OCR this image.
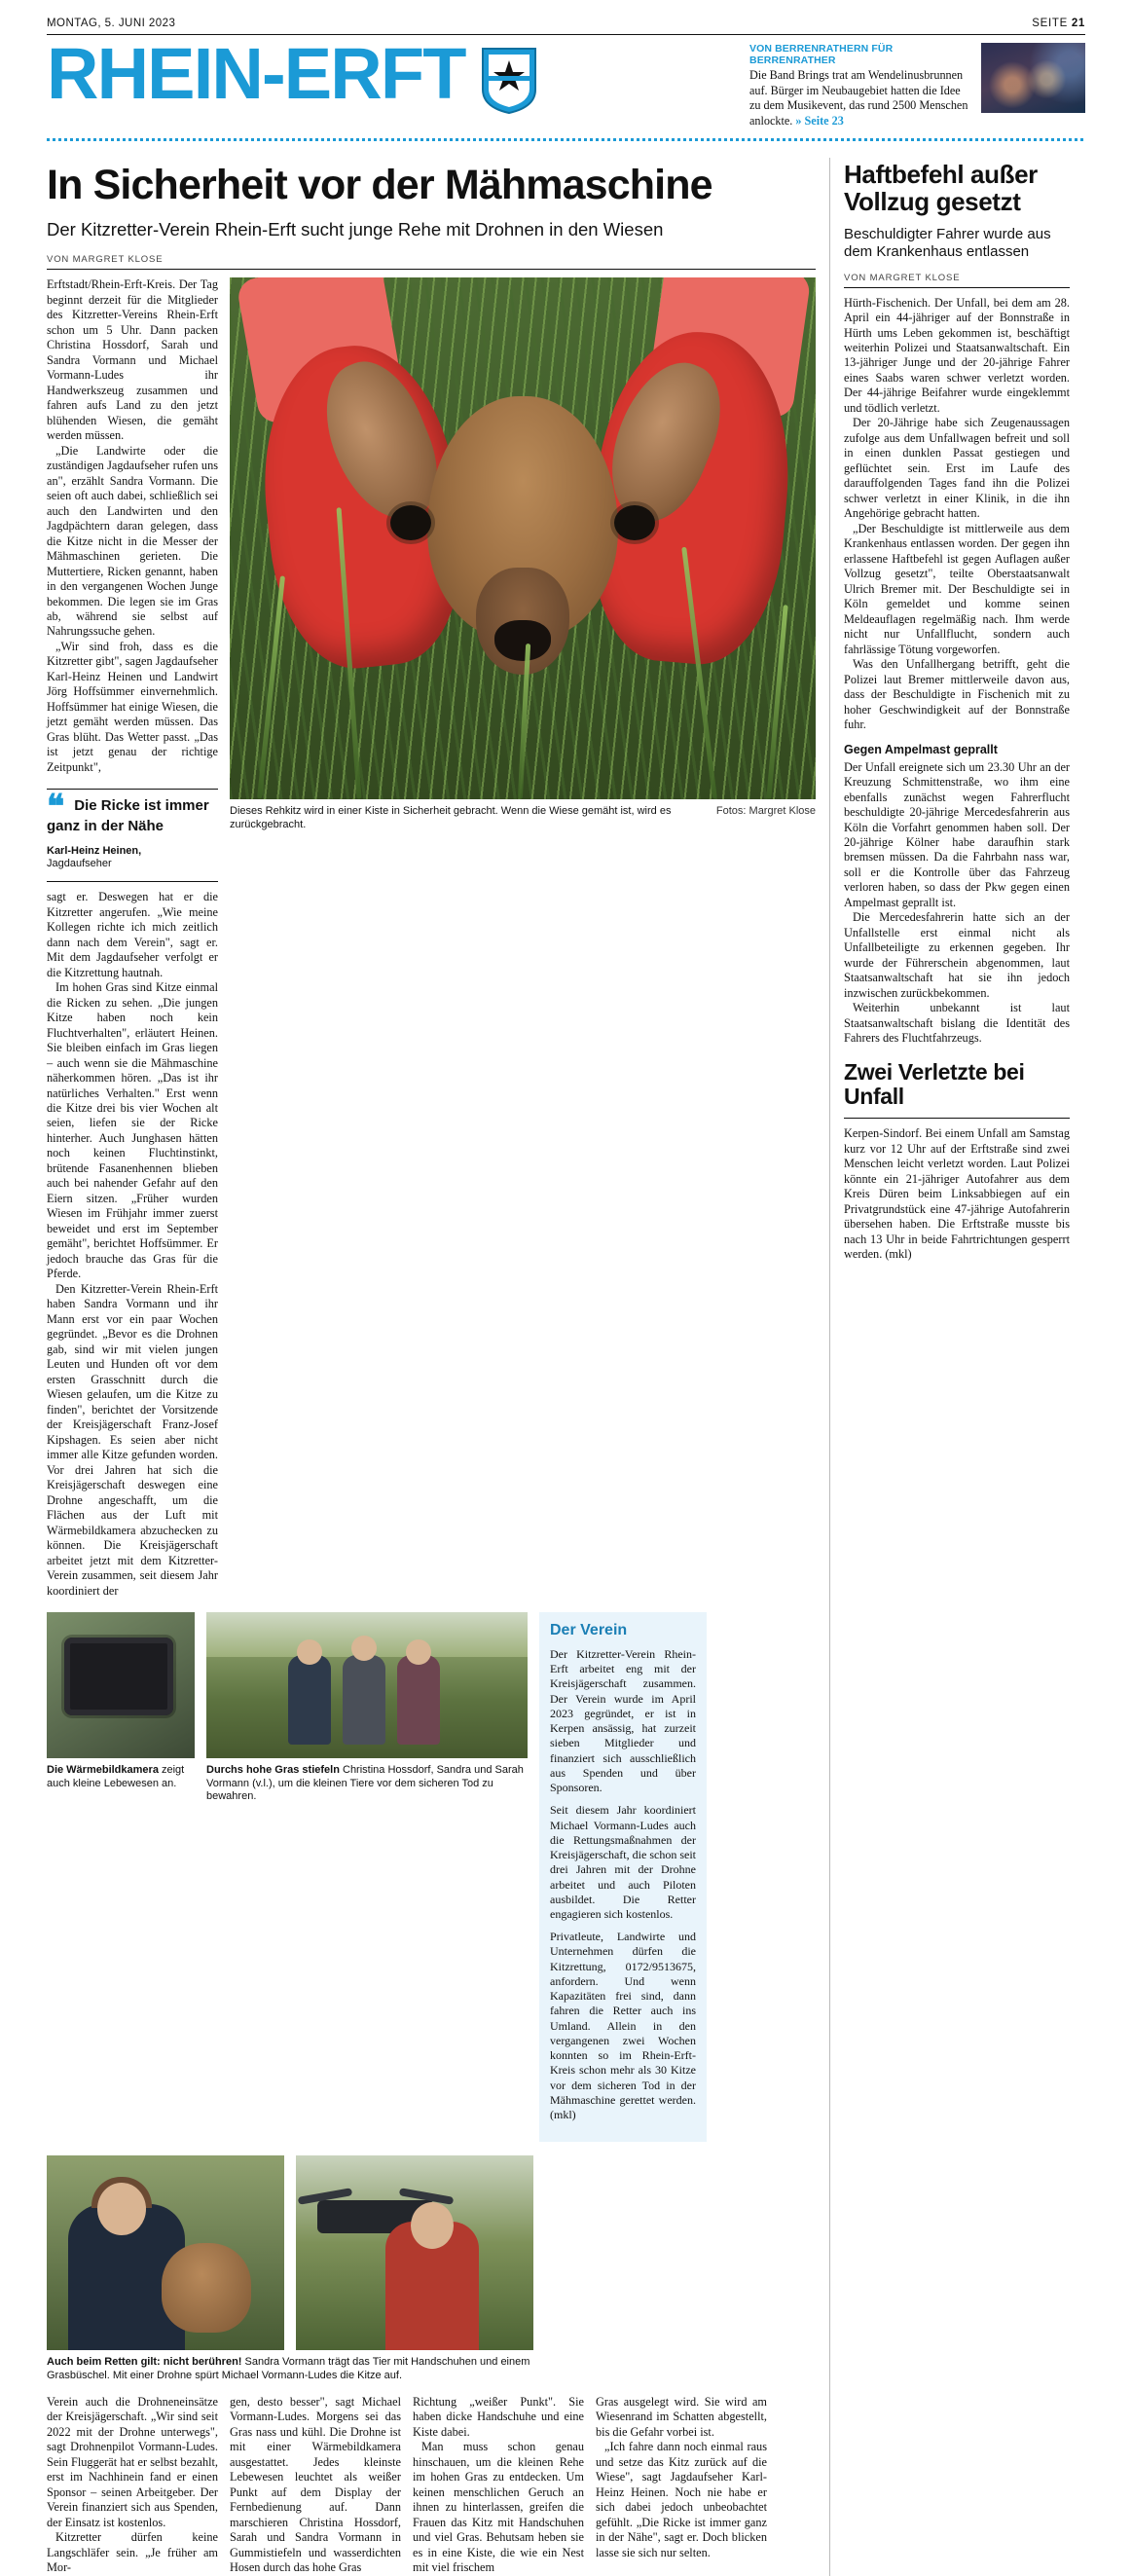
MONTAG, 5. JUNI 2023	SEITE 21
RHEIN-ERFT	VON BERRENRATHERN FÜR BERRENRATHER
Die Band Brings trat am Wendelinusbrunnen auf. Bürger im Neubaugebiet hatten die Idee zu dem Musikevent, das rund 2500 Menschen anlockte. » Seite 23
In Sicherheit vor der Mähmaschine
Der Kitzretter-Verein Rhein-Erft sucht junge Rehe mit Drohnen in den Wiesen
VON MARGRET KLOSE

Erftstadt/Rhein-Erft-Kreis. Der Tag beginnt derzeit für die Mitglieder des Kitzretter-Vereins Rhein-Erft schon um 5 Uhr. Dann packen Christina Hossdorf, Sarah und Sandra Vormann und Michael Vormann-Ludes ihr Handwerkszeug zusammen und fahren aufs Land zu den jetzt blühenden Wiesen, die gemäht werden müssen.

„Die Landwirte oder die zuständigen Jagdaufseher rufen uns an", erzählt Sandra Vormann. Die seien oft auch dabei, schließlich sei auch den Landwirten und den Jagdpächtern daran gelegen, dass die Kitze nicht in die Messer der Mähmaschinen gerieten. Die Muttertiere, Ricken genannt, haben in den vergangenen Wochen Junge bekommen. Die legen sie im Gras ab, während sie selbst auf Nahrungssuche gehen.

„Wir sind froh, dass es die Kitzretter gibt", sagen Jagdaufseher Karl-Heinz Heinen und Landwirt Jörg Hoffsümmer einvernehmlich. Hoffsümmer hat einige Wiesen, die jetzt gemäht werden müssen. Das Gras blüht. Das Wetter passt. „Das ist jetzt genau der richtige Zeitpunkt",

❝ Die Ricke ist immer ganz in der Nähe
Karl-Heinz Heinen,
Jagdaufseher

sagt er. Deswegen hat er die Kitzretter angerufen. „Wie meine Kollegen richte ich mich zeitlich dann nach dem Verein", sagt er. Mit dem Jagdaufseher verfolgt er die Kitzrettung hautnah.

Im hohen Gras sind Kitze einmal die Ricken zu sehen. „Die jungen Kitze haben noch kein Fluchtverhalten", erläutert Heinen. Sie bleiben einfach im Gras liegen – auch wenn sie die Mähmaschine näherkommen hören. „Das ist ihr natürliches Verhalten." Erst wenn die Kitze drei bis vier Wochen alt seien, liefen sie der Ricke hinterher. Auch Junghasen hätten noch keinen Fluchtinstinkt, brütende Fasanenhennen blieben auch bei nahender Gefahr auf den Eiern sitzen. „Früher wurden Wiesen im Frühjahr immer zuerst beweidet und erst im September gemäht", berichtet Hoffsümmer. Er jedoch brauche das Gras für die Pferde.

Den Kitzretter-Verein Rhein-Erft haben Sandra Vormann und ihr Mann erst vor ein paar Wochen gegründet. „Bevor es die Drohnen gab, sind wir mit vielen jungen Leuten und Hunden oft vor dem ersten Grasschnitt durch die Wiesen gelaufen, um die Kitze zu finden", berichtet der Vorsitzende der Kreisjägerschaft Franz-Josef Kipshagen. Es seien aber nicht immer alle Kitze gefunden worden. Vor drei Jahren hat sich die Kreisjägerschaft deswegen eine Drohne angeschafft, um die Flächen aus der Luft mit Wärmebildkamera abzuchecken zu können. Die Kreisjägerschaft arbeitet jetzt mit dem Kitzretter-Verein zusammen, seit diesem Jahr koordiniert der

Dieses Rehkitz wird in einer Kiste in Sicherheit gebracht. Wenn die Wiese gemäht ist, wird es zurückgebracht.
Fotos: Margret Klose
Die Wärmebildkamera zeigt auch kleine Lebewesen an.
Durchs hohe Gras stiefeln Christina Hossdorf, Sandra und Sarah Vormann (v.l.), um die kleinen Tiere vor dem sicheren Tod zu bewahren.
Der Verein

Der Kitzretter-Verein Rhein-Erft arbeitet eng mit der Kreisjägerschaft zusammen. Der Verein wurde im April 2023 gegründet, er ist in Kerpen ansässig, hat zurzeit sieben Mitglieder und finanziert sich ausschließlich aus Spenden und über Sponsoren.

Seit diesem Jahr koordiniert Michael Vormann-Ludes auch die Rettungsmaßnahmen der Kreisjägerschaft, die schon seit drei Jahren mit der Drohne arbeitet und auch Piloten ausbildet. Die Retter engagieren sich kostenlos.

Privatleute, Landwirte und Unternehmen dürfen die Kitzrettung, 0172/9513675, anfordern. Und wenn Kapazitäten frei sind, dann fahren die Retter auch ins Umland. Allein in den vergangenen zwei Wochen konnten so im Rhein-Erft-Kreis schon mehr als 30 Kitze vor dem sicheren Tod in der Mähmaschine gerettet werden. (mkl)

Auch beim Retten gilt: nicht berühren! Sandra Vormann trägt das Tier mit Handschuhen und einem Grasbüschel. Mit einer Drohne spürt Michael Vormann-Ludes die Kitze auf.

Verein auch die Drohneneinsätze der Kreisjägerschaft. „Wir sind seit 2022 mit der Drohne unterwegs", sagt Drohnenpilot Vormann-Ludes. Sein Fluggerät hat er selbst bezahlt, erst im Nachhinein fand er einen Sponsor – seinen Arbeitgeber. Der Verein finanziert sich aus Spenden, der Einsatz ist kostenlos.

Kitzretter dürfen keine Langschläfer sein. „Je früher am Mor-

gen, desto besser", sagt Michael Vormann-Ludes. Morgens sei das Gras nass und kühl. Die Drohne ist mit einer Wärmebildkamera ausgestattet. Jedes kleinste Lebewesen leuchtet als weißer Punkt auf dem Display der Fernbedienung auf. Dann marschieren Christina Hossdorf, Sarah und Sandra Vormann in Gummistiefeln und wasserdichten Hosen durch das hohe Gras

Richtung „weißer Punkt". Sie haben dicke Handschuhe und eine Kiste dabei.

Man muss schon genau hinschauen, um die kleinen Rehe im hohen Gras zu entdecken. Um keinen menschlichen Geruch an ihnen zu hinterlassen, greifen die Frauen das Kitz mit Handschuhen und viel Gras. Behutsam heben sie es in eine Kiste, die wie ein Nest mit viel frischem

Gras ausgelegt wird. Sie wird am Wiesenrand im Schatten abgestellt, bis die Gefahr vorbei ist.

„Ich fahre dann noch einmal raus und setze das Kitz zurück auf die Wiese", sagt Jagdaufseher Karl-Heinz Heinen. Noch nie habe er sich dabei jedoch unbeobachtet gefühlt. „Die Ricke ist immer ganz in der Nähe", sagt er. Doch blicken lasse sie sich nur selten.

Haftbefehl außer Vollzug gesetzt
Beschuldigter Fahrer wurde aus dem Krankenhaus entlassen
VON MARGRET KLOSE

Hürth-Fischenich. Der Unfall, bei dem am 28. April ein 44-jähriger auf der Bonnstraße in Hürth ums Leben gekommen ist, beschäftigt weiterhin Polizei und Staatsanwaltschaft. Ein 13-jähriger Junge und der 20-jährige Fahrer eines Saabs waren schwer verletzt worden. Der 44-jährige Beifahrer wurde eingeklemmt und tödlich verletzt.

Der 20-Jährige habe sich Zeugenaussagen zufolge aus dem Unfallwagen befreit und soll in einen dunklen Passat gestiegen und geflüchtet sein. Erst im Laufe des darauffolgenden Tages fand ihn die Polizei schwer verletzt in einer Klinik, in die ihn Angehörige gebracht hatten.

„Der Beschuldigte ist mittlerweile aus dem Krankenhaus entlassen worden. Der gegen ihn erlassene Haftbefehl ist gegen Auflagen außer Vollzug gesetzt", teilte Oberstaatsanwalt Ulrich Bremer mit. Der Beschuldigte sei in Köln gemeldet und komme seinen Meldeauflagen regelmäßig nach. Ihm werde nicht nur Unfallflucht, sondern auch fahrlässige Tötung vorgeworfen.

Was den Unfallhergang betrifft, geht die Polizei laut Bremer mittlerweile davon aus, dass der Beschuldigte in Fischenich mit zu hoher Geschwindigkeit auf der Bonnstraße fuhr.

Gegen Ampelmast geprallt

Der Unfall ereignete sich um 23.30 Uhr an der Kreuzung Schmittenstraße, wo ihm eine ebenfalls zunächst wegen Fahrerflucht beschuldigte 20-jährige Mercedesfahrerin aus Köln die Vorfahrt genommen haben soll. Der 20-jährige Kölner habe daraufhin stark bremsen müssen. Da die Fahrbahn nass war, soll er die Kontrolle über das Fahrzeug verloren haben, so dass der Pkw gegen einen Ampelmast geprallt ist.

Die Mercedesfahrerin hatte sich an der Unfallstelle erst einmal nicht als Unfallbeteiligte zu erkennen gegeben. Ihr wurde der Führerschein abgenommen, laut Staatsanwaltschaft hat sie ihn jedoch inzwischen zurückbekommen.

Weiterhin unbekannt ist laut Staatsanwaltschaft bislang die Identität des Fahrers des Fluchtfahrzeugs.

Zwei Verletzte bei Unfall

Kerpen-Sindorf. Bei einem Unfall am Samstag kurz vor 12 Uhr auf der Erftstraße sind zwei Menschen leicht verletzt worden. Laut Polizei könnte ein 21-jähriger Autofahrer aus dem Kreis Düren beim Linksabbiegen auf ein Privatgrundstück eine 47-jährige Autofahrerin übersehen haben. Die Erftstraße musste bis nach 13 Uhr in beide Fahrtrichtungen gesperrt werden. (mkl)
